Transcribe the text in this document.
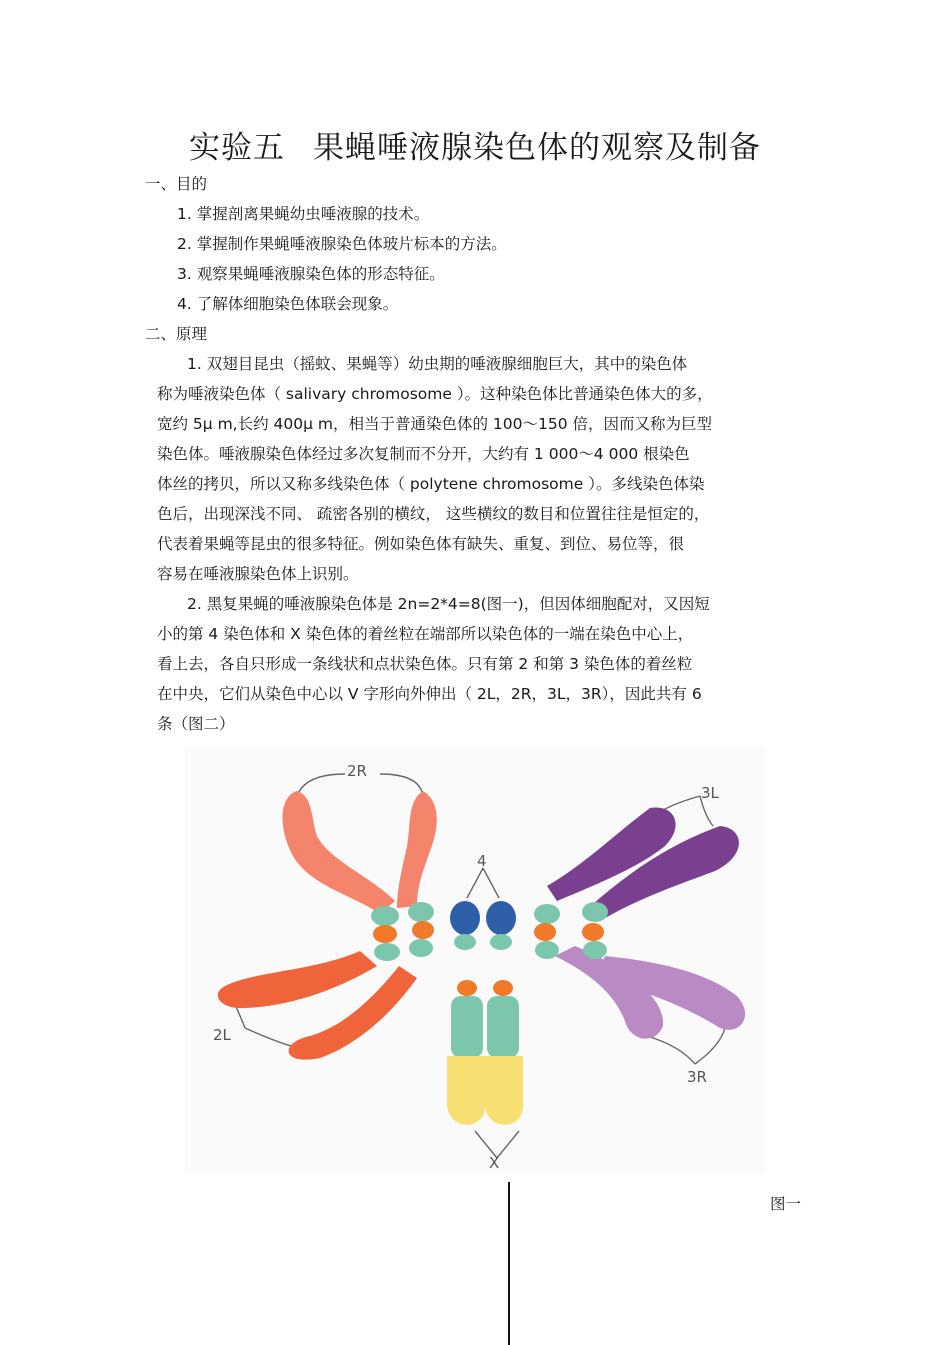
实验五 果蝇唾液腺染色体的观察及制备
一、目的
1. 掌握剖离果蝇幼虫唾液腺的技术。
2. 掌握制作果蝇唾液腺染色体玻片标本的方法。
3. 观察果蝇唾液腺染色体的形态特征。
4. 了解体细胞染色体联会现象。
二、原理
1. 双翅目昆虫（摇蚊、果蝇等）幼虫期的唾液腺细胞巨大，其中的染色体
称为唾液染色体（ salivary chromosome ）。这种染色体比普通染色体大的多，
宽约 5μ m,长约 400μ m，相当于普通染色体的 100～150 倍，因而又称为巨型
染色体。唾液腺染色体经过多次复制而不分开，大约有 1 000～4 000 根染色
体丝的拷贝，所以又称多线染色体（ polytene chromosome ）。多线染色体染
色后，出现深浅不同、 疏密各别的横纹， 这些横纹的数目和位置往往是恒定的，
代表着果蝇等昆虫的很多特征。例如染色体有缺失、重复、到位、易位等，很
容易在唾液腺染色体上识别。
2. 黑复果蝇的唾液腺染色体是 2n=2*4=8(图一)，但因体细胞配对，又因短
小的第 4 染色体和 X 染色体的着丝粒在端部所以染色体的一端在染色中心上，
看上去，各自只形成一条线状和点状染色体。只有第 2 和第 3 染色体的着丝粒
在中央，它们从染色中心以 V 字形向外伸出（ 2L，2R，3L，3R），因此共有 6
条（图二）
2R
3L
4
2L
3R
X
图一
